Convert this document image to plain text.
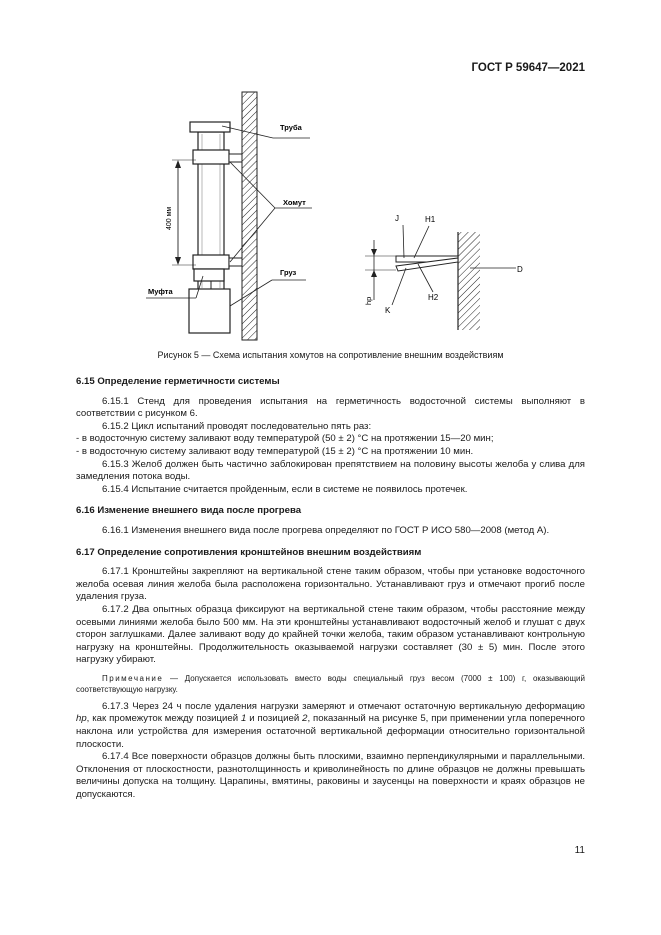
ГОСТ Р 59647—2021
400 мм
Труба
Хомут
Груз
Муфта
hp
J	H1
K
H2
D
Рисунок 5 — Схема испытания хомутов на сопротивление внешним воздействиям

6.15 Определение герметичности системы

6.15.1 Стенд для проведения испытания на герметичность водосточной системы выполняют в соответствии с рисунком 6.

6.15.2 Цикл испытаний проводят последовательно пять раз:

- в водосточную систему заливают воду температурой (50 ± 2) °С на протяжении 15—20 мин;

- в водосточную систему заливают воду температурой (15 ± 2) °С на протяжении 10 мин.

6.15.3 Желоб должен быть частично заблокирован препятствием на половину высоты желоба у слива для замедления потока воды.

6.15.4 Испытание считается пройденным, если в системе не появилось протечек.

6.16 Изменение внешнего вида после прогрева

6.16.1 Изменения внешнего вида после прогрева определяют по ГОСТ Р ИСО 580—2008 (метод А).

6.17 Определение сопротивления кронштейнов внешним воздействиям

6.17.1 Кронштейны закрепляют на вертикальной стене таким образом, чтобы при установке водосточного желоба осевая линия желоба была расположена горизонтально. Устанавливают груз и отмечают прогиб после удаления груза.

6.17.2 Два опытных образца фиксируют на вертикальной стене таким образом, чтобы расстояние между осевыми линиями желоба было 500 мм. На эти кронштейны устанавливают водосточный желоб и глушат с двух сторон заглушками. Далее заливают воду до крайней точки желоба, таким образом устанавливают контрольную нагрузку на кронштейны. Продолжительность оказываемой нагрузки составляет (30 ± 5) мин. После этого нагрузку убирают.

Примечание — Допускается использовать вместо воды специальный груз весом (7000 ± 100) г, оказывающий соответствующую нагрузку.

6.17.3 Через 24 ч после удаления нагрузки замеряют и отмечают остаточную вертикальную деформацию hp, как промежуток между позицией 1 и позицией 2, показанный на рисунке 5, при применении угла поперечного наклона или устройства для измерения остаточной вертикальной деформации относительно горизонтальной плоскости.

6.17.4 Все поверхности образцов должны быть плоскими, взаимно перпендикулярными и параллельными. Отклонения от плоскостности, разнотолщинность и криволинейность по длине образцов не должны превышать величины допуска на толщину. Царапины, вмятины, раковины и заусенцы на поверхности и краях образцов не допускаются.

11
